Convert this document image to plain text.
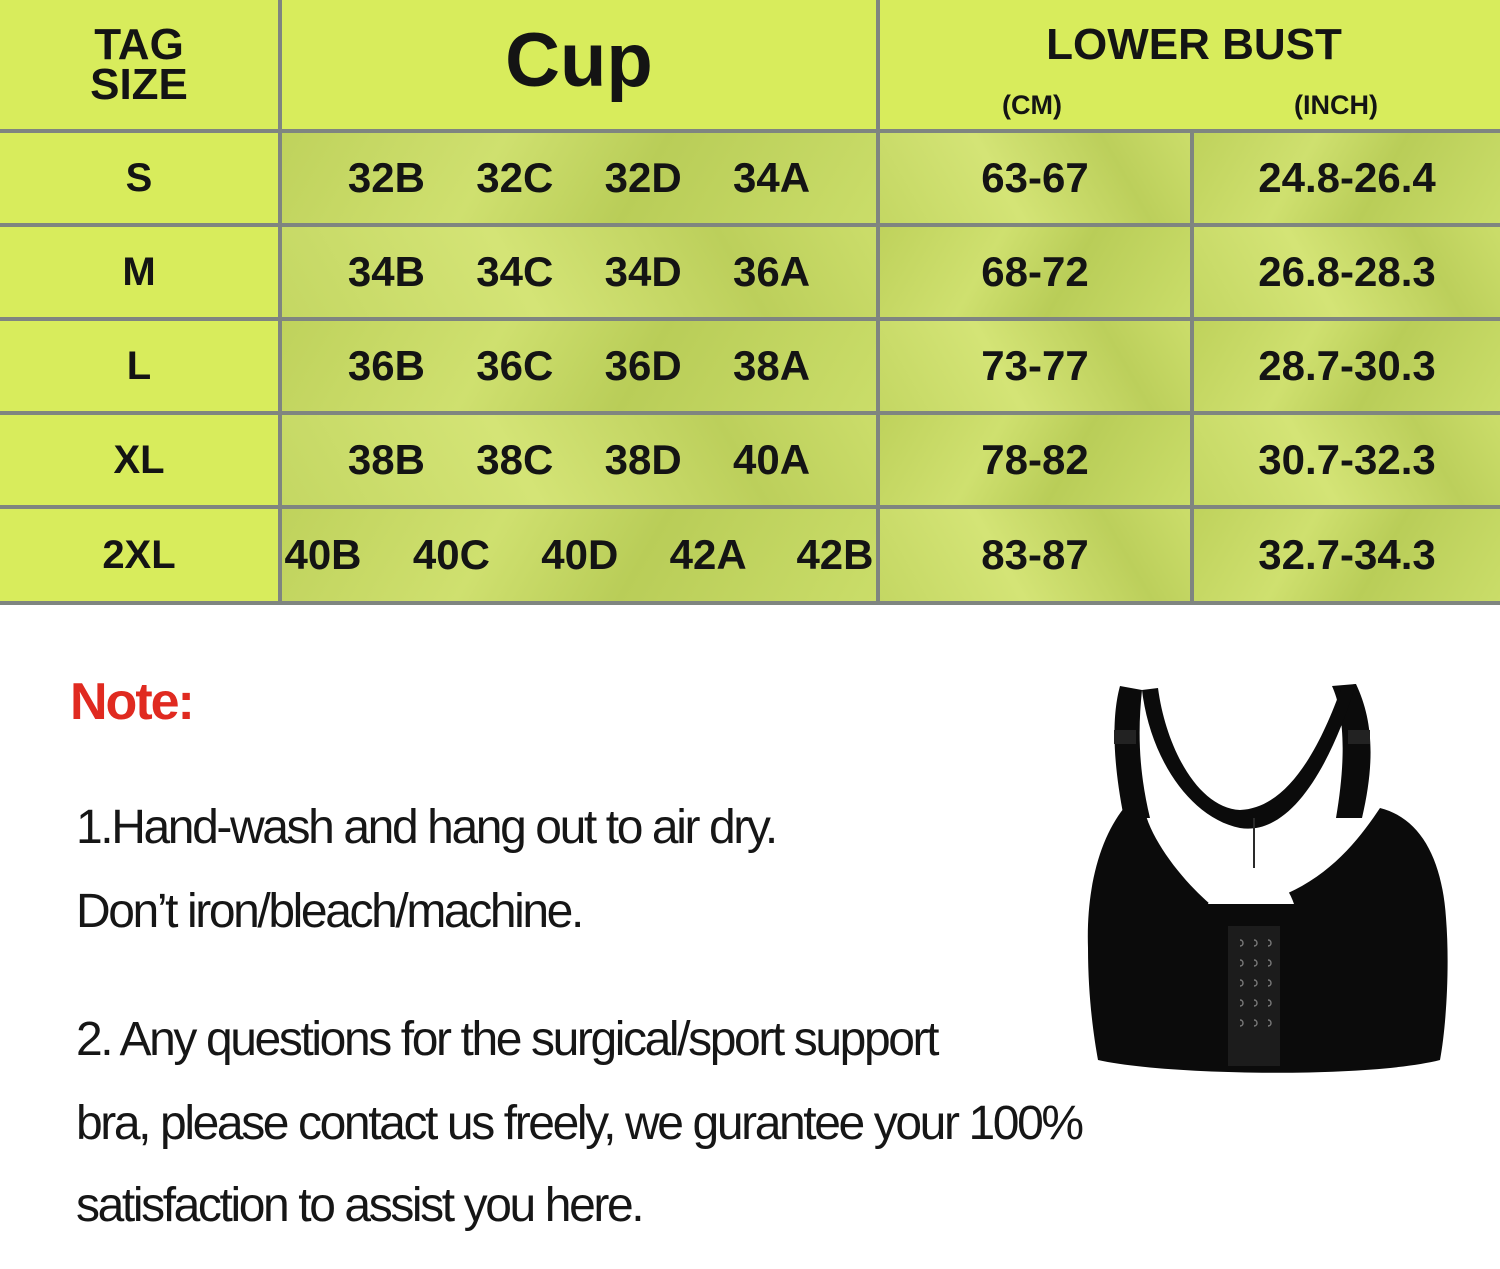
TAG
SIZE	Cup	LOWER BUST
(CM)	(INCH)
S	32B  32C  32D  34A	63-67	24.8-26.4
M	34B  34C  34D  36A	68-72	26.8-28.3
L	36B  36C  36D  38A	73-77	28.7-30.3
XL	38B  38C  38D  40A	78-82	30.7-32.3
2XL	40B  40C  40D  42A  42B	83-87	32.7-34.3
Note:
1.Hand-wash and hang out to air dry.
Don’t iron/bleach/machine.
2. Any questions for the surgical/sport support
bra, please contact us freely, we gurantee your 100%
satisfaction to assist you here.
